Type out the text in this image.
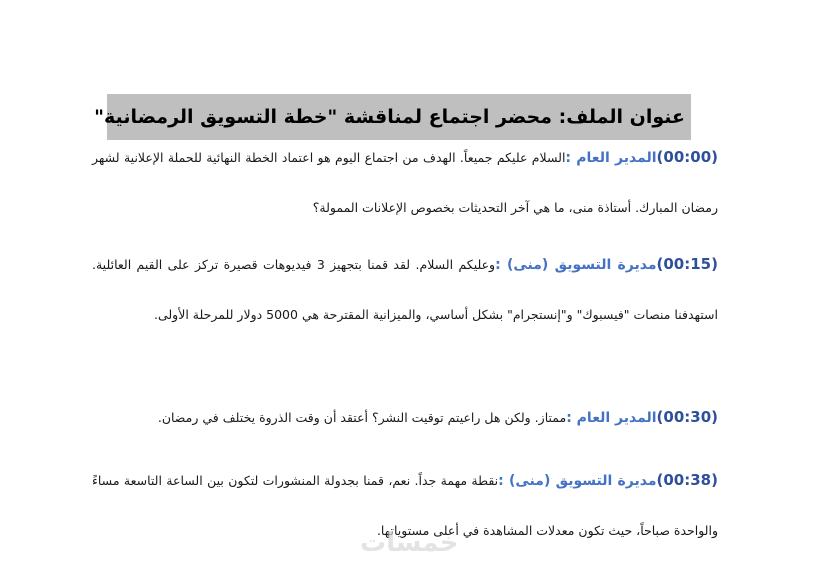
عنوان الملف: محضر اجتماع لمناقشة "خطة التسويق الرمضانية"

(00:00)المدير العام :السلام عليكم جميعاً. الهدف من اجتماع اليوم هو اعتماد الخطة النهائية للحملة الإعلانية لشهر رمضان المبارك. أستاذة منى، ما هي آخر التحديثات بخصوص الإعلانات الممولة؟

(00:15)مديرة التسويق (منى) :وعليكم السلام. لقد قمنا بتجهيز 3 فيديوهات قصيرة تركز على القيم العائلية. استهدفنا منصات "فيسبوك" و"إنستجرام" بشكل أساسي، والميزانية المقترحة هي 5000 دولار للمرحلة الأولى.

(00:30)المدير العام :ممتاز. ولكن هل راعيتم توقيت النشر؟ أعتقد أن وقت الذروة يختلف في رمضان.

(00:38)مديرة التسويق (منى) :نقطة مهمة جداً. نعم، قمنا بجدولة المنشورات لتكون بين الساعة التاسعة مساءً والواحدة صباحاً، حيث تكون معدلات المشاهدة في أعلى مستوياتها.

خمسات
